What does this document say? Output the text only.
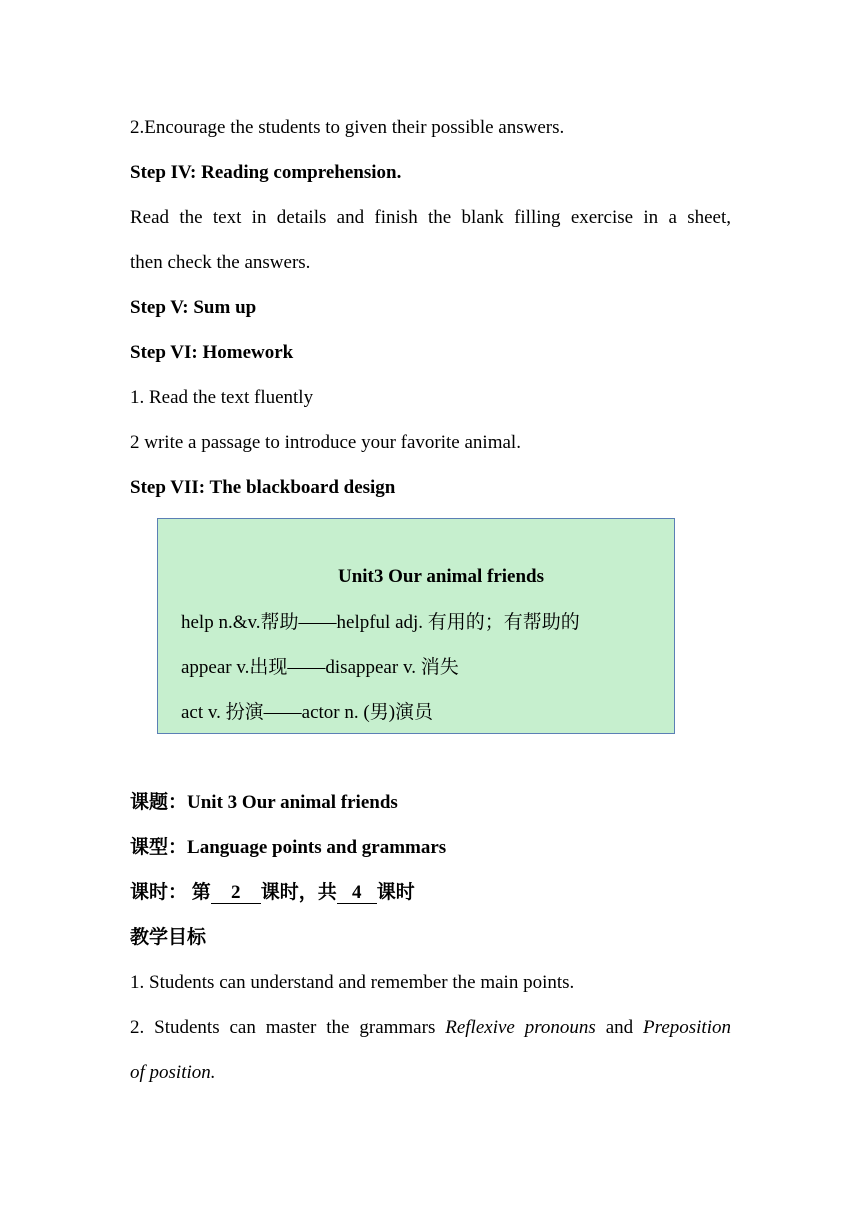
2.Encourage the students to given their possible answers.
Step IV: Reading comprehension.
Read the text in details and finish the blank filling exercise in a sheet,
then check the answers.
Step V: Sum up
Step VI: Homework
1. Read the text fluently
2 write a passage to introduce your favorite animal.
Step VII: The blackboard design
Unit3 Our animal friends
help n.&v.帮助——helpful adj. 有用的；有帮助的
appear v.出现——disappear v. 消失
act v. 扮演——actor n. (男)演员
课题：Unit 3 Our animal friends
课型：Language points and grammars
课时： 第 2 课时，共 4 课时
教学目标
1. Students can understand and remember the main points.
2. Students can master the grammars Reflexive pronouns and Preposition
of position.
